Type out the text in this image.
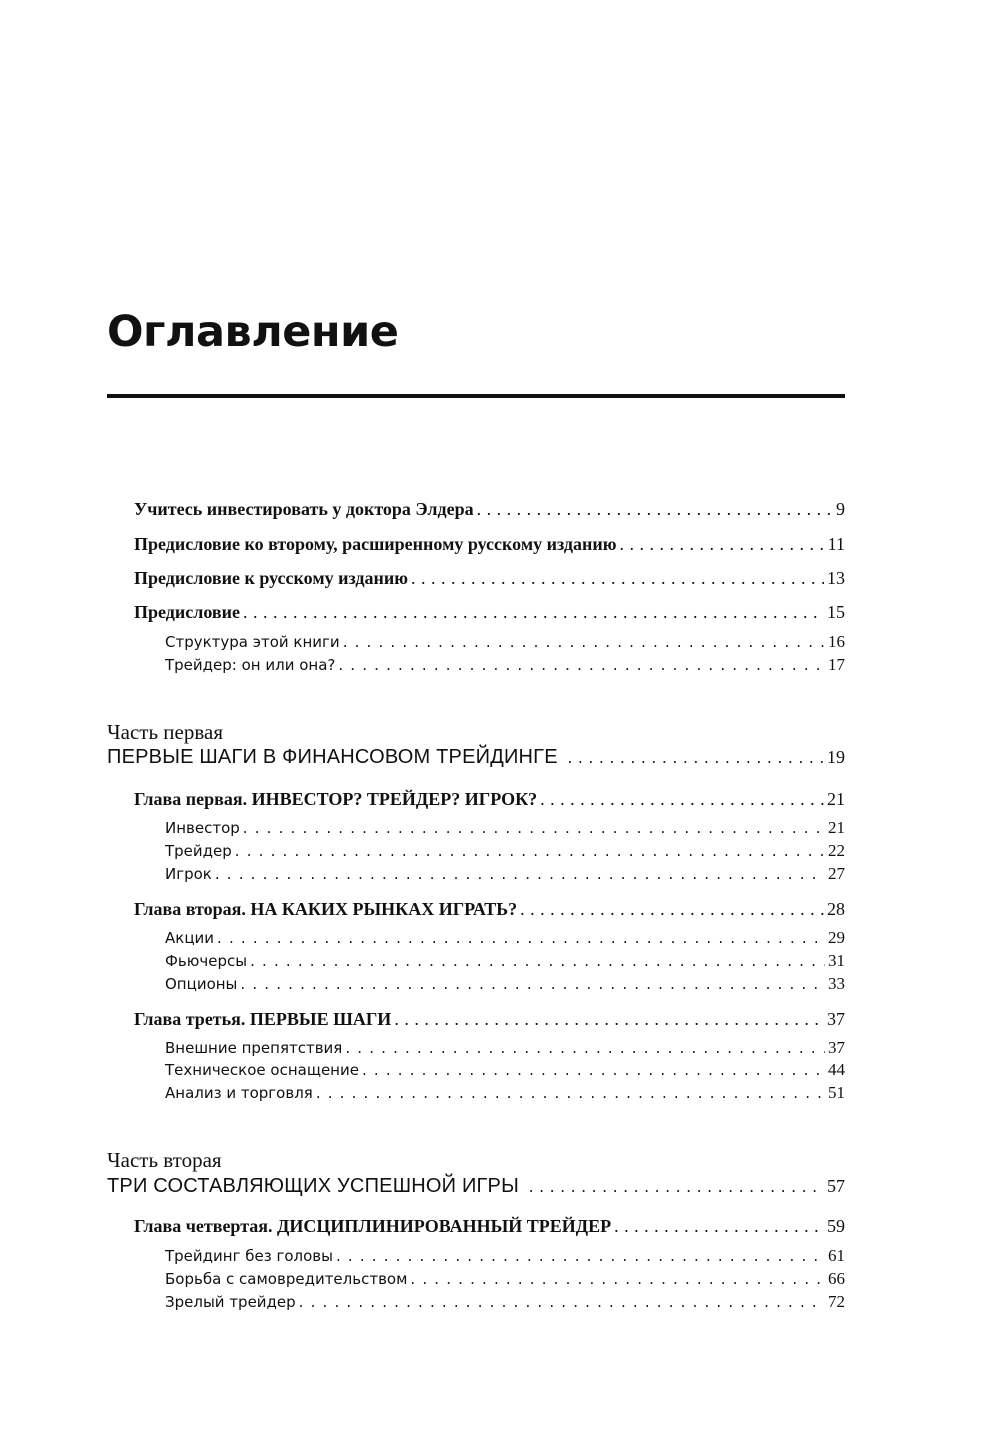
Оглавление
Учитесь инвестировать у доктора Элдера . . .	9
Предисловие ко второму, расширенному русскому изданию . . .	11
Предисловие к русскому изданию . . .	13
Предисловие . . .	15
Структура этой книги . . .	16
Трейдер: он или она? . . .	17
Часть первая
ПЕРВЫЕ ШАГИ В ФИНАНСОВОМ ТРЕЙДИНГЕ . . .	19
Глава первая. ИНВЕСТОР? ТРЕЙДЕР? ИГРОК? . . .	21
Инвестор . . .	21
Трейдер . . .	22
Игрок . . .	27
Глава вторая. НА КАКИХ РЫНКАХ ИГРАТЬ? . . .	28
Акции . . .	29
Фьючерсы . . .	31
Опционы . . .	33
Глава третья. ПЕРВЫЕ ШАГИ . . .	37
Внешние препятствия . . .	37
Техническое оснащение . . .	44
Анализ и торговля . . .	51
Часть вторая
ТРИ СОСТАВЛЯЮЩИХ УСПЕШНОЙ ИГРЫ . . .	57
Глава четвертая. ДИСЦИПЛИНИРОВАННЫЙ ТРЕЙДЕР . . .	59
Трейдинг без головы . . .	61
Борьба с самовредительством . . .	66
Зрелый трейдер . . .	72
